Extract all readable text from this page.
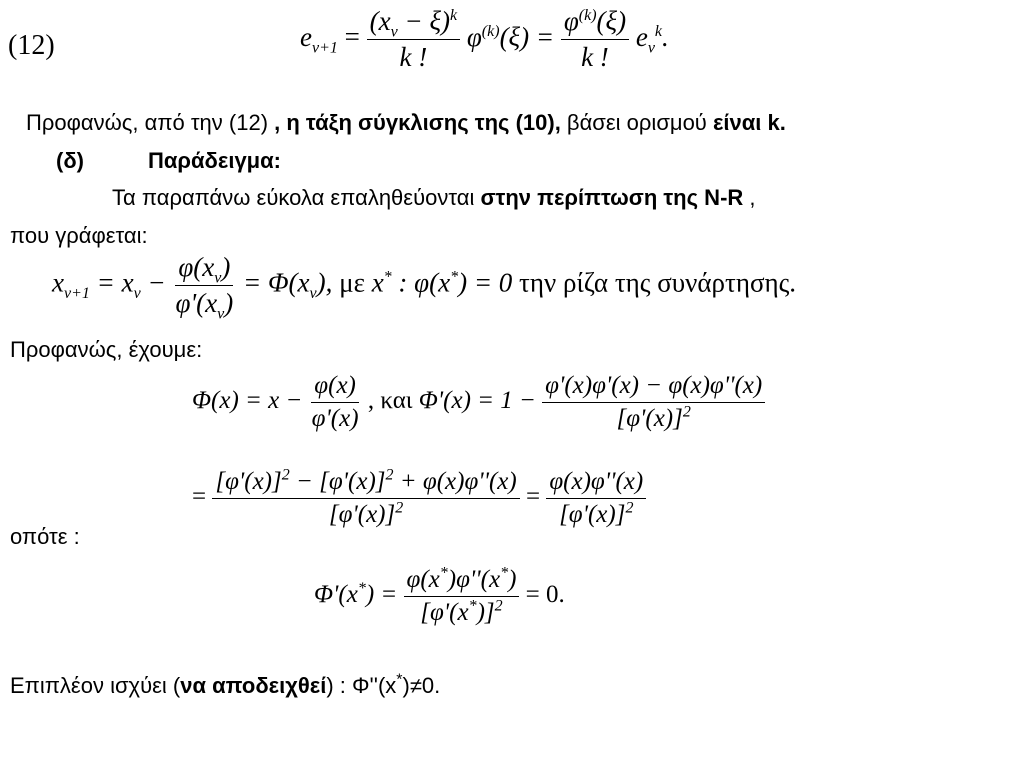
(12)	$e_{\nu+1} = \frac{(x_\nu - \xi)^k}{k !} \varphi^{(k)}(\xi) = \frac{\varphi^{(k)}(\xi)}{k !} e_\nu^k$.
Προφανώς, από την (12) , η τάξη σύγκλισης της (10), βάσει ορισμού είναι k.
(δ)	Παράδειγμα:
Τα παραπάνω εύκολα επαληθεύονται στην περίπτωση της N-R ,
που γράφεται:
$x_{\nu+1} = x_\nu - \frac{\varphi(x_\nu)}{\varphi'(x_\nu)} = \Phi(x_\nu)$, με x* : φ(x*) = 0 την ρίζα της συνάρτησης.
Προφανώς, έχουμε:
$\Phi(x) = x - \frac{\varphi(x)}{\varphi'(x)}$ , και $\Phi'(x) = 1 - \frac{\varphi'(x)\varphi'(x) - \varphi(x)\varphi''(x)}{[\varphi'(x)]^2}$
= $\frac{[\varphi'(x)]^2 - [\varphi'(x)]^2 + \varphi(x)\varphi''(x)}{[\varphi'(x)]^2} = \frac{\varphi(x)\varphi''(x)}{[\varphi'(x)]^2}$
οπότε :
$\Phi'(x^*) = \frac{\varphi(x^*)\varphi''(x^*)}{[\varphi'(x^*)]^2} = 0$.
Επιπλέον ισχύει (να αποδειχθεί) : Φ''(x*)≠0.
